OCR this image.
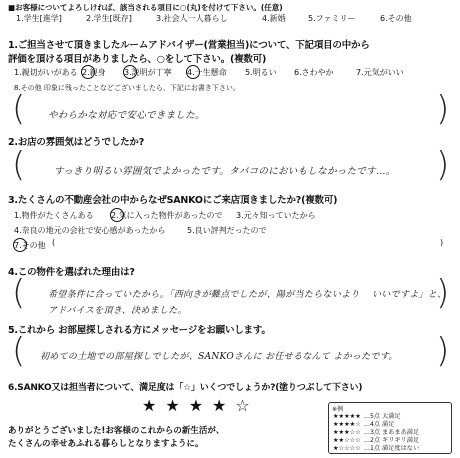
■お客様についてよろしければ、該当される項目に○(丸)を付けて下さい。(任意)
1.学生[進学]	2.学生[既存]	3.社会人一人暮らし	4.新婚	5.ファミリー	6.その他
1.ご担当させて頂きましたルームアドバイザー(営業担当)について、下記項目の中から
評価を頂ける項目がありましたら、○をして下さい。(複数可)
1.親切がいがある 2.親身 3.説明が丁寧 4.一生懸命 5.明るい 6.さわやか	7.元気がいい
8.その他 印象に残ったことなどございましたら、下記にお書き下さい。
( やわらかな対応で安心できました。	)
2.お店の雰囲気はどうでしたか?
(	すっきり明るい雰囲気でよかったです。タバコのにおいもしなかったです…。 )
3.たくさんの不動産会社の中からなぜSANKOにご来店頂きましたか?(複数可)
1.物件がたくさんある 2.気に入った物件があったので 3.元々知っていたから
4.奈良の地元の会社で安心感があったから	5.良い評判だったので
7.その他 (	)
4.この物件を選ばれた理由は?
(	希望条件に合っていたから。「西向きが難点でしたが、陽が当たらないより いいですよ」と、
アドバイスを頂き、決めました。	)
5.これから お部屋探しされる方にメッセージをお願いします。
( 初めての土地での部屋探しでしたが、SANKOさんに お任せるなんて よかったです。 )
6.SANKO又は担当者について、満足度は「☆」いくつでしょうか?(塗りつぶして下さい)
★ ★ ★ ★ ☆	※例
★★★★★ …5点 大満足
★★★★☆ …4点 満足
★★★☆☆ …3点 まあまあ満足
★★☆☆☆ …2点 ギリギリ満足
★☆☆☆☆ …1点 満足度はない
ありがとうございました!お客様のこれからの新生活が、
たくさんの幸せあふれる暮らしとなりますように。
